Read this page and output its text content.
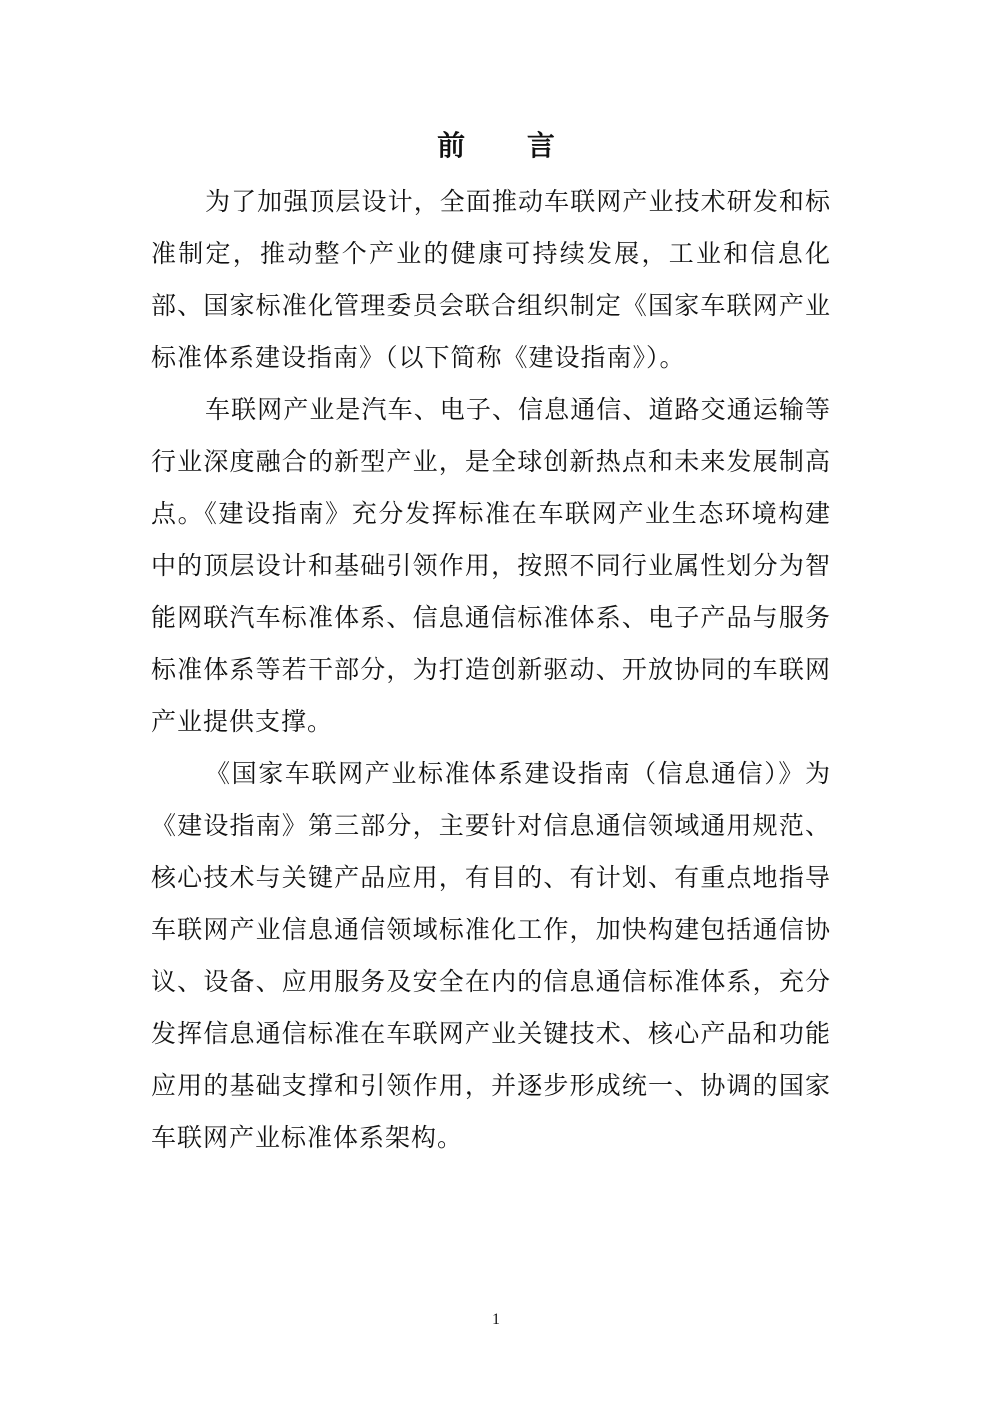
前 言

为了加强顶层设计，全面推动车联网产业技术研发和标准制定，推动整个产业的健康可持续发展，工业和信息化部、国家标准化管理委员会联合组织制定《国家车联网产业标准体系建设指南》（以下简称《建设指南》）。

车联网产业是汽车、电子、信息通信、道路交通运输等行业深度融合的新型产业，是全球创新热点和未来发展制高点。《建设指南》充分发挥标准在车联网产业生态环境构建中的顶层设计和基础引领作用，按照不同行业属性划分为智能网联汽车标准体系、信息通信标准体系、电子产品与服务标准体系等若干部分，为打造创新驱动、开放协同的车联网产业提供支撑。

《国家车联网产业标准体系建设指南（信息通信）》为《建设指南》第三部分，主要针对信息通信领域通用规范、核心技术与关键产品应用，有目的、有计划、有重点地指导车联网产业信息通信领域标准化工作，加快构建包括通信协议、设备、应用服务及安全在内的信息通信标准体系，充分发挥信息通信标准在车联网产业关键技术、核心产品和功能应用的基础支撑和引领作用，并逐步形成统一、协调的国家车联网产业标准体系架构。

1
